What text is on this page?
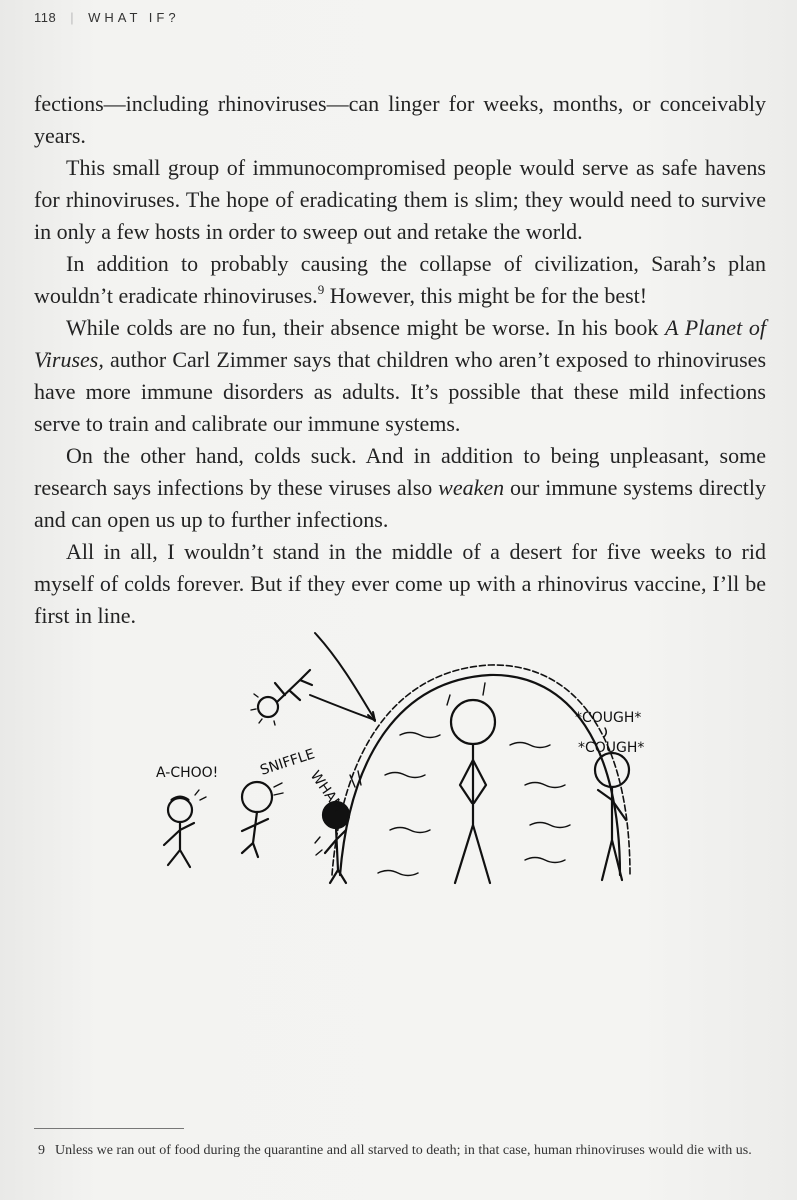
118 | WHAT IF?

fections—including rhinoviruses—can linger for weeks, months, or conceivably years.

This small group of immunocompromised people would serve as safe havens for rhinoviruses. The hope of eradicating them is slim; they would need to survive in only a few hosts in order to sweep out and retake the world.

In addition to probably causing the collapse of civilization, Sarah’s plan wouldn’t eradicate rhinoviruses.$^9$ However, this might be for the best!

While colds are no fun, their absence might be worse. In his book A Planet of Viruses, author Carl Zimmer says that children who aren’t exposed to rhinoviruses have more immune disorders as adults. It’s possible that these mild infections serve to train and calibrate our immune systems.

On the other hand, colds suck. And in addition to being unpleasant, some research says infections by these viruses also weaken our immune systems directly and can open us up to further infections.

All in all, I wouldn’t stand in the middle of a desert for five weeks to rid myself of colds forever. But if they ever come up with a rhinovirus vaccine, I’ll be first in line.

*COUGH*
*COUGH*
WHAM
SNIFFLE
A-CHOO!
9 Unless we ran out of food during the quarantine and all starved to death; in that case, human rhinoviruses would die with us.
